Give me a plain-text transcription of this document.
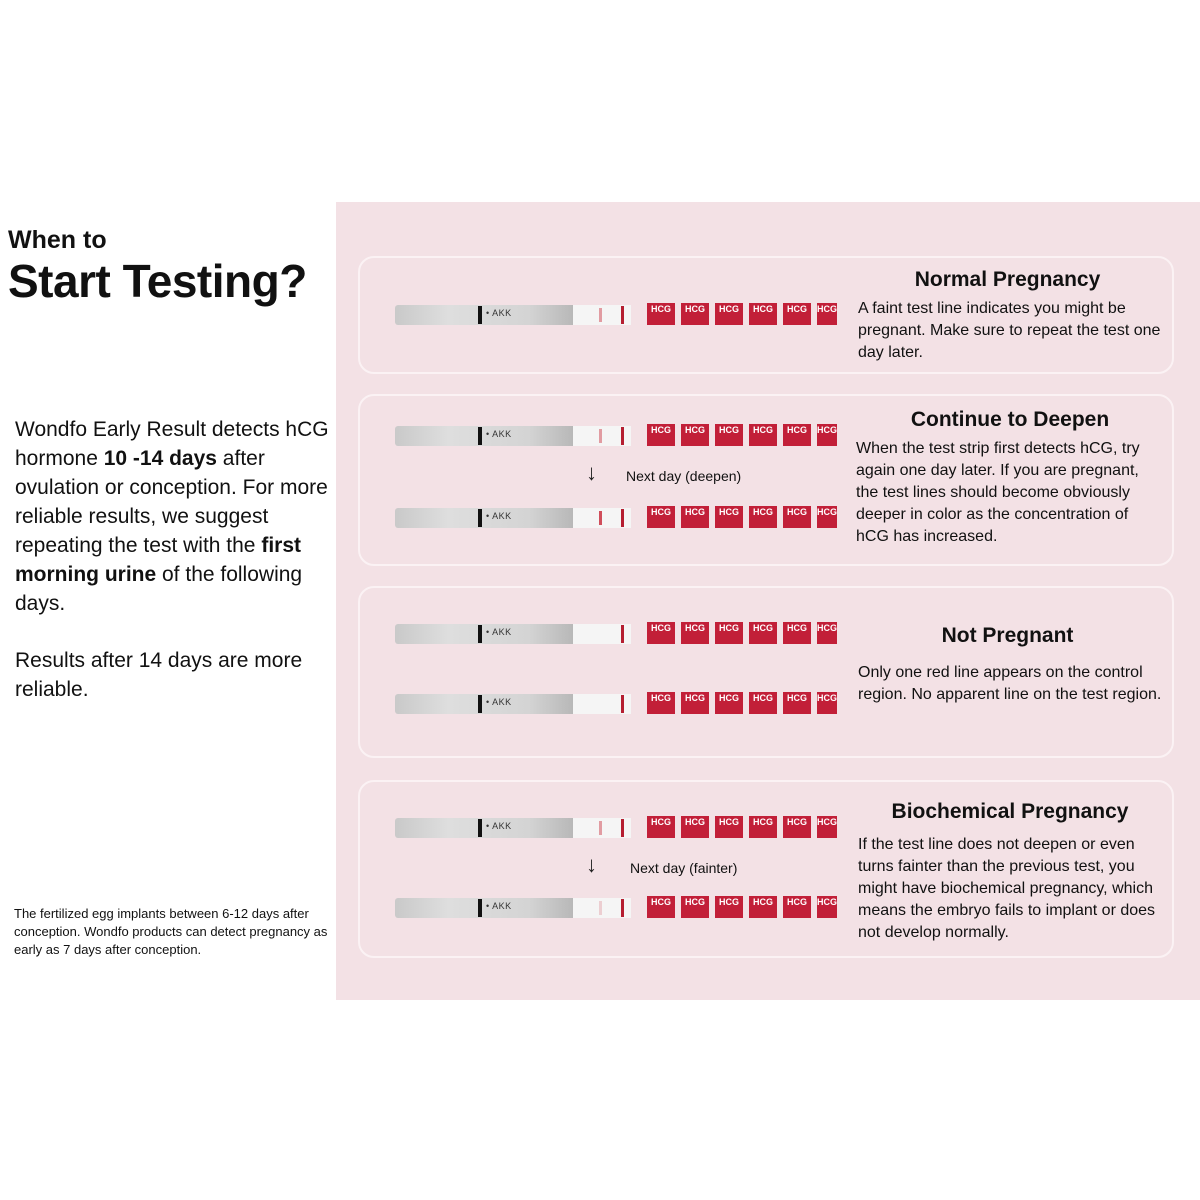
When to
Start Testing?

Wondfo Early Result detects hCG hormone 10 -14 days after ovulation or conception. For more reliable results, we suggest repeating the test with the first morning urine of the following days.

Results after 14 days are more reliable.

The fertilized egg implants between 6-12 days after conception. Wondfo products can detect pregnancy as early as 7 days after conception.
• AKK	HCG	HCG	HCG	HCG	HCG	HCG
Normal Pregnancy
A faint test line indicates you might be pregnant. Make sure to repeat the test one day later.
• AKK	HCG	HCG	HCG	HCG	HCG	HCG
↓ Next day (deepen)
• AKK	HCG	HCG	HCG	HCG	HCG	HCG
Continue to Deepen
When the test strip first detects hCG, try again one day later. If you are pregnant, the test lines should become obviously deeper in color as the concentration of hCG has increased.
• AKK	HCG	HCG	HCG	HCG	HCG	HCG
• AKK	HCG	HCG	HCG	HCG	HCG	HCG
Not Pregnant
Only one red line appears on the control region. No apparent line on the test region.
• AKK	HCG	HCG	HCG	HCG	HCG	HCG
↓ Next day (fainter)
• AKK	HCG	HCG	HCG	HCG	HCG	HCG
Biochemical Pregnancy
If the test line does not deepen or even turns fainter than the previous test, you might have biochemical pregnancy, which means the embryo fails to implant or does not develop normally.
